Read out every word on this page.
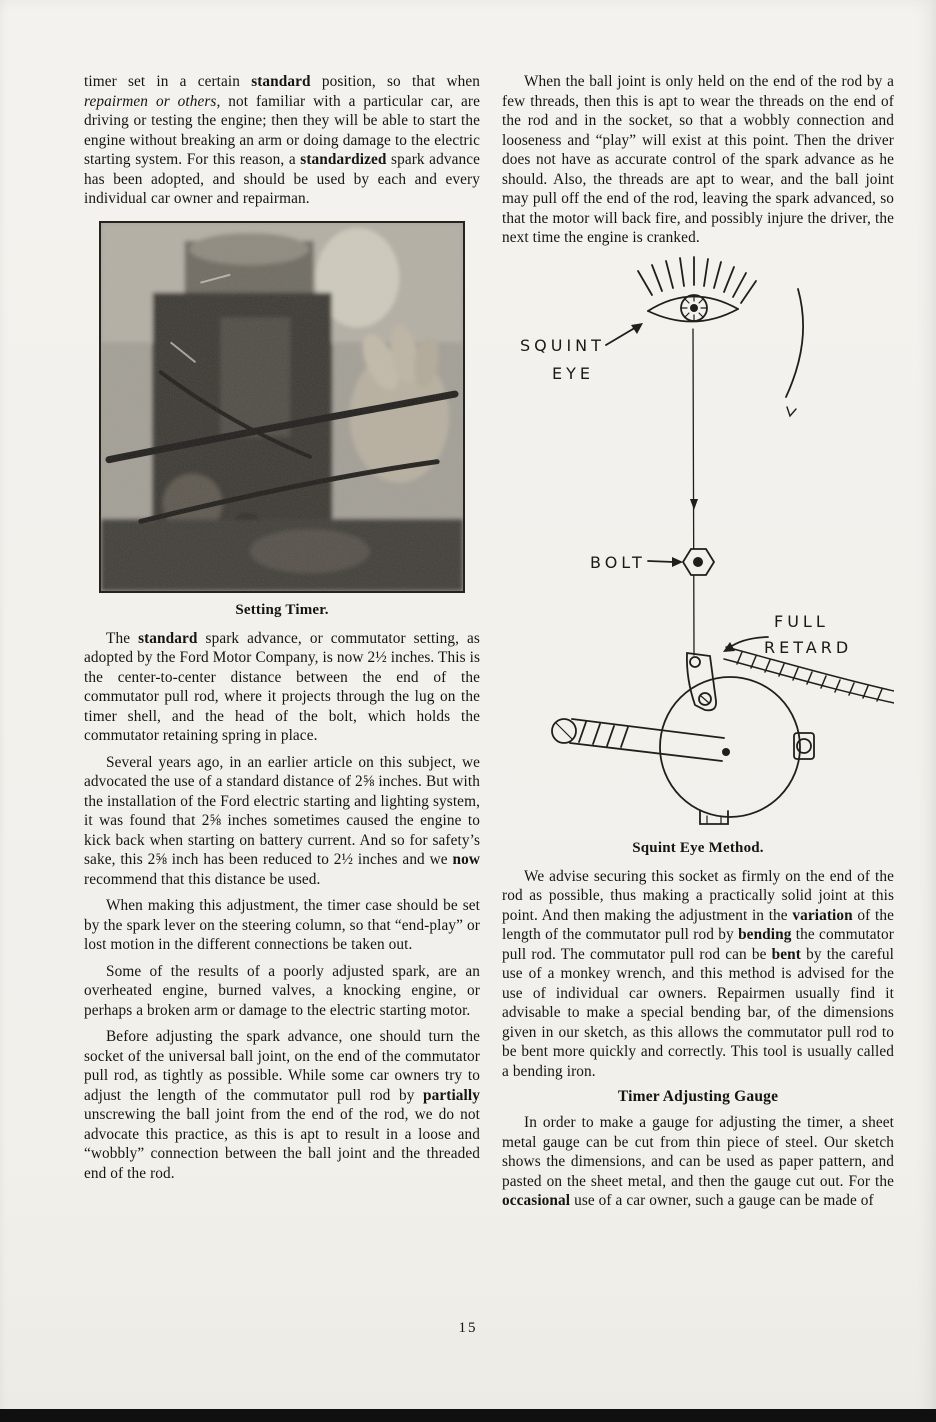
timer set in a certain standard position, so that when repairmen or others, not familiar with a particular car, are driving or testing the engine; then they will be able to start the engine without breaking an arm or doing damage to the electric starting system. For this reason, a standardized spark advance has been adopted, and should be used by each and every individual car owner and repairman.

Setting Timer.

The standard spark advance, or commutator setting, as adopted by the Ford Motor Company, is now 2½ inches. This is the center-to-center distance between the end of the commutator pull rod, where it projects through the lug on the timer shell, and the head of the bolt, which holds the commutator retaining spring in place.

Several years ago, in an earlier article on this subject, we advocated the use of a standard distance of 2⅝ inches. But with the installation of the Ford electric starting and lighting system, it was found that 2⅝ inches sometimes caused the engine to kick back when starting on battery current. And so for safety’s sake, this 2⅝ inch has been reduced to 2½ inches and we now recommend that this distance be used.

When making this adjustment, the timer case should be set by the spark lever on the steering column, so that “end-play” or lost motion in the different connections be taken out.

Some of the results of a poorly adjusted spark, are an overheated engine, burned valves, a knocking engine, or perhaps a broken arm or damage to the electric starting motor.

Before adjusting the spark advance, one should turn the socket of the universal ball joint, on the end of the commutator pull rod, as tightly as possible. While some car owners try to adjust the length of the commutator pull rod by partially unscrewing the ball joint from the end of the rod, we do not advocate this practice, as this is apt to result in a loose and “wobbly” connection between the ball joint and the threaded end of the rod.

When the ball joint is only held on the end of the rod by a few threads, then this is apt to wear the threads on the end of the rod and in the socket, so that a wobbly connection and looseness and “play” will exist at this point. Then the driver does not have as accurate control of the spark advance as he should. Also, the threads are apt to wear, and the ball joint may pull off the end of the rod, leaving the spark advanced, so that the motor will back fire, and possibly injure the driver, the next time the engine is cranked.

SQUINT
EYE
BOLT
FULL
RETARD
Squint Eye Method.

We advise securing this socket as firmly on the end of the rod as possible, thus making a practically solid joint at this point. And then making the adjustment in the variation of the length of the commutator pull rod by bending the commutator pull rod. The commutator pull rod can be bent by the careful use of a monkey wrench, and this method is advised for the use of individual car owners. Repairmen usually find it advisable to make a special bending bar, of the dimensions given in our sketch, as this allows the commutator pull rod to be bent more quickly and correctly. This tool is usually called a bending iron.

Timer Adjusting Gauge

In order to make a gauge for adjusting the timer, a sheet metal gauge can be cut from thin piece of steel. Our sketch shows the dimensions, and can be used as paper pattern, and pasted on the sheet metal, and then the gauge cut out. For the occasional use of a car owner, such a gauge can be made of

15
